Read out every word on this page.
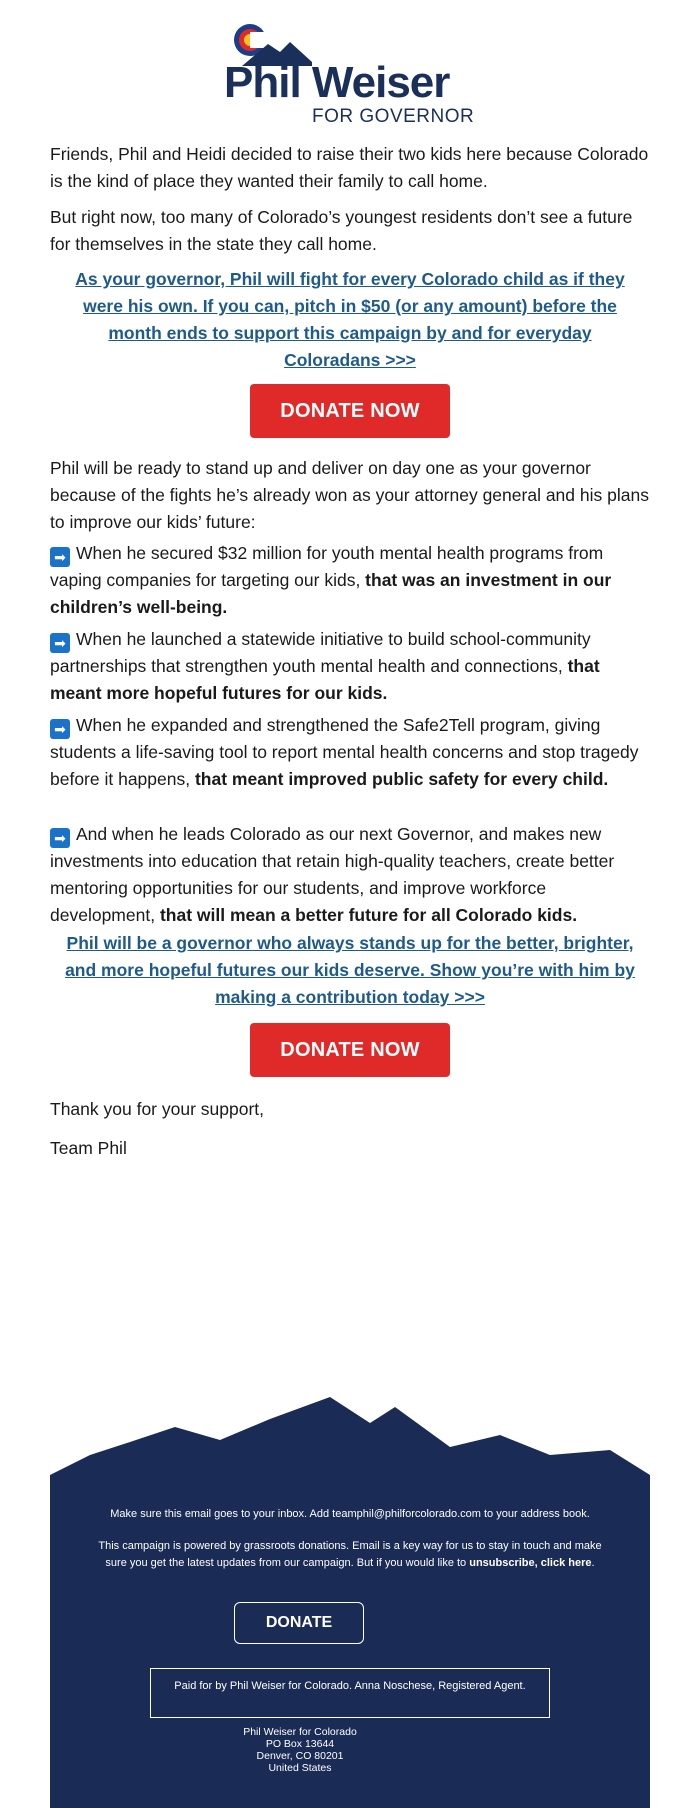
Phil Weiser
FOR GOVERNOR

Friends, Phil and Heidi decided to raise their two kids here because Colorado is the kind of place they wanted their family to call home.

But right now, too many of Colorado’s youngest residents don’t see a future for themselves in the state they call home.

As your governor, Phil will fight for every Colorado child as if they were his own. If you can, pitch in $50 (or any amount) before the month ends to support this campaign by and for everyday Coloradans >>>
DONATE NOW

Phil will be ready to stand up and deliver on day one as your governor because of the fights he’s already won as your attorney general and his plans to improve our kids’ future:

➡ When he secured $32 million for youth mental health programs from vaping companies for targeting our kids, that was an investment in our children’s well-being.

➡ When he launched a statewide initiative to build school-community partnerships that strengthen youth mental health and connections, that meant more hopeful futures for our kids.

➡ When he expanded and strengthened the Safe2Tell program, giving students a life-saving tool to report mental health concerns and stop tragedy before it happens, that meant improved public safety for every child.

➡ And when he leads Colorado as our next Governor, and makes new investments into education that retain high-quality teachers, create better mentoring opportunities for our students, and improve workforce development, that will mean a better future for all Colorado kids.

Phil will be a governor who always stands up for the better, brighter, and more hopeful futures our kids deserve. Show you’re with him by making a contribution today >>>
DONATE NOW

Thank you for your support,

Team Phil

Make sure this email goes to your inbox. Add teamphil@philforcolorado.com to your address book.
This campaign is powered by grassroots donations. Email is a key way for us to stay in touch and make sure you get the latest updates from our campaign. But if you would like to unsubscribe, click here.
DONATE
Paid for by Phil Weiser for Colorado. Anna Noschese, Registered Agent.
Phil Weiser for Colorado
PO Box 13644
Denver, CO 80201
United States
